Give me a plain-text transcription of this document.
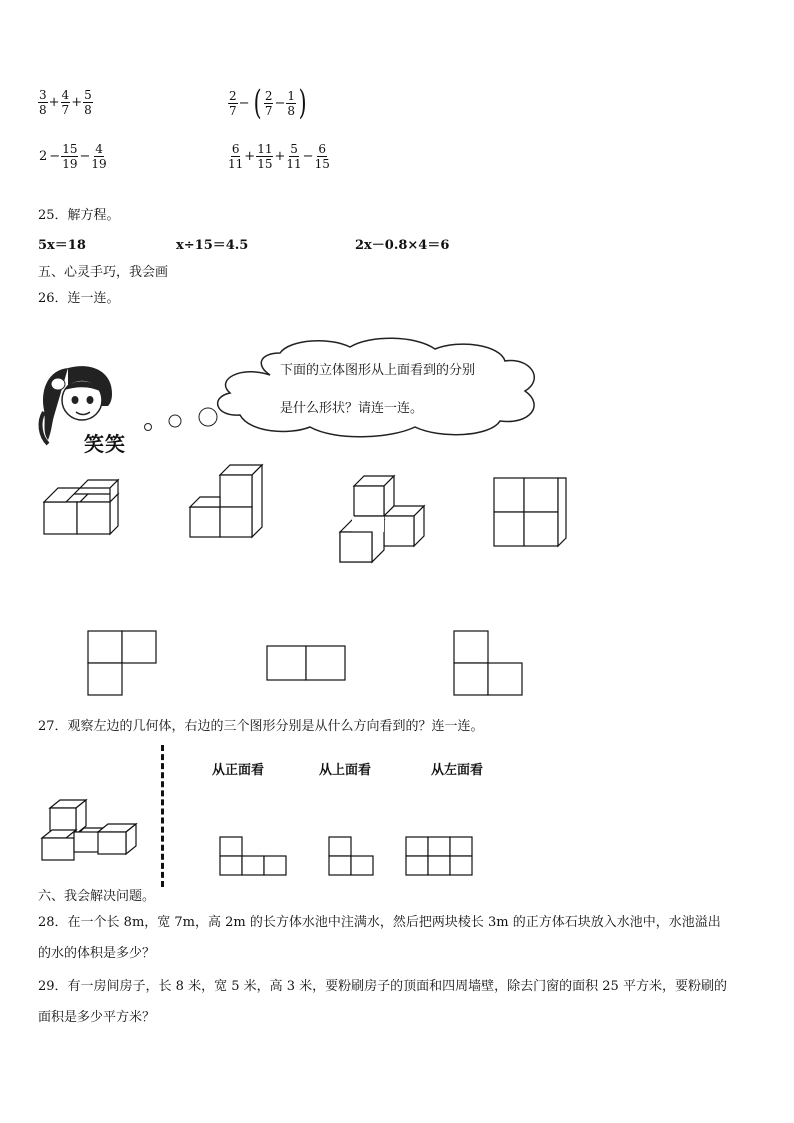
$\frac{3}{8} + \frac{4}{7} + \frac{5}{8}$
$2 - \frac{15}{19} - \frac{4}{19}$
$\frac{2}{7}$ − ( $\frac{2}{7} - \frac{1}{8}$ )
$\frac{6}{11} + \frac{11}{15} + \frac{5}{11} - \frac{6}{15}$
25．解方程。
5x＝18	x÷15＝4.5	2x－0.8×4＝6
五、心灵手巧，我会画
26．连一连。
笑笑
下面的立体图形从上面看到的分别
是什么形状？请连一连。
27．观察左边的几何体，右边的三个图形分别是从什么方向看到的？连一连。
从正面看	从上面看	从左面看
六、我会解决问题。
28．在一个长 8m，宽 7m，高 2m 的长方体水池中注满水，然后把两块棱长 3m 的正方体石块放入水池中，水池溢出
的水的体积是多少？
29．有一房间房子，长 8 米，宽 5 米，高 3 米，要粉刷房子的顶面和四周墙壁，除去门窗的面积 25 平方米，要粉刷的
面积是多少平方米？
